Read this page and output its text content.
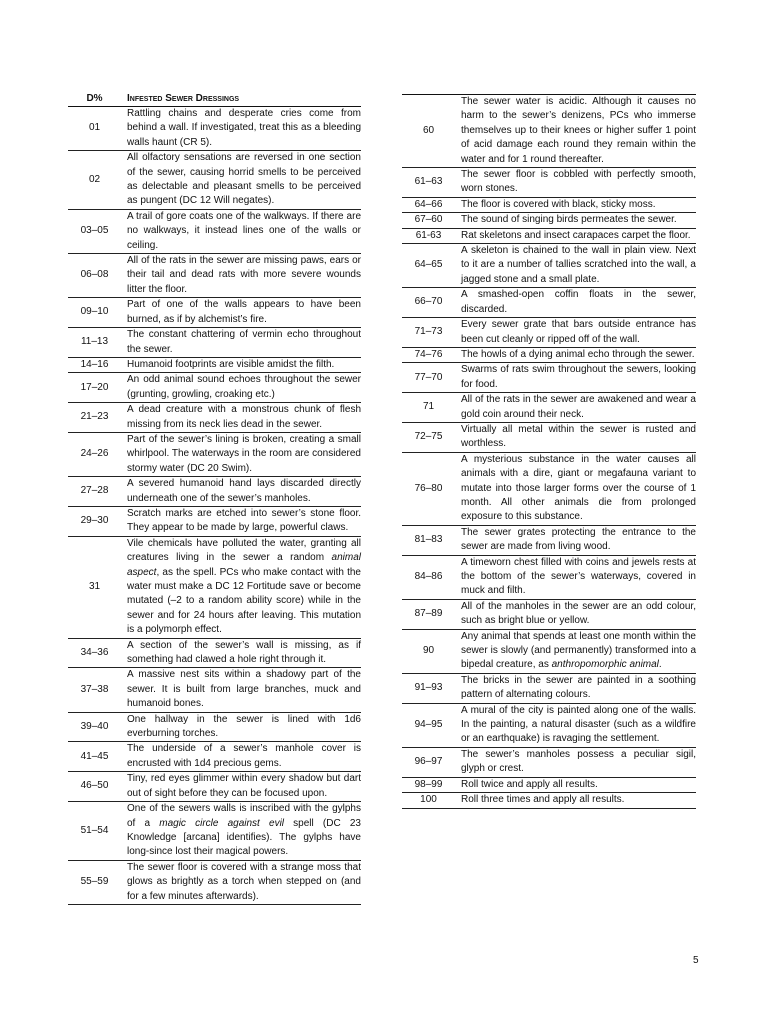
D%	Infested Sewer Dressings
01	Rattling chains and desperate cries come from behind a wall. If investigated, treat this as a bleeding walls haunt (CR 5).
02	All olfactory sensations are reversed in one section of the sewer, causing horrid smells to be perceived as delectable and pleasant smells to be perceived as pungent (DC 12 Will negates).
03–05	A trail of gore coats one of the walkways. If there are no walkways, it instead lines one of the walls or ceiling.
06–08	All of the rats in the sewer are missing paws, ears or their tail and dead rats with more severe wounds litter the floor.
09–10	Part of one of the walls appears to have been burned, as if by alchemist’s fire.
11–13	The constant chattering of vermin echo throughout the sewer.
14–16	Humanoid footprints are visible amidst the filth.
17–20	An odd animal sound echoes throughout the sewer (grunting, growling, croaking etc.)
21–23	A dead creature with a monstrous chunk of flesh missing from its neck lies dead in the sewer.
24–26	Part of the sewer’s lining is broken, creating a small whirlpool. The waterways in the room are considered stormy water (DC 20 Swim).
27–28	A severed humanoid hand lays discarded directly underneath one of the sewer’s manholes.
29–30	Scratch marks are etched into sewer’s stone floor. They appear to be made by large, powerful claws.
31	Vile chemicals have polluted the water, granting all creatures living in the sewer a random animal aspect, as the spell. PCs who make contact with the water must make a DC 12 Fortitude save or become mutated (–2 to a random ability score) while in the sewer and for 24 hours after leaving. This mutation is a polymorph effect.
34–36	A section of the sewer’s wall is missing, as if something had clawed a hole right through it.
37–38	A massive nest sits within a shadowy part of the sewer. It is built from large branches, muck and humanoid bones.
39–40	One hallway in the sewer is lined with 1d6 everburning torches.
41–45	The underside of a sewer’s manhole cover is encrusted with 1d4 precious gems.
46–50	Tiny, red eyes glimmer within every shadow but dart out of sight before they can be focused upon.
51–54	One of the sewers walls is inscribed with the gylphs of a magic circle against evil spell (DC 23 Knowledge [arcana] identifies). The gylphs have long-since lost their magical powers.
55–59	The sewer floor is covered with a strange moss that glows as brightly as a torch when stepped on (and for a few minutes afterwards).
60	The sewer water is acidic. Although it causes no harm to the sewer’s denizens, PCs who immerse themselves up to their knees or higher suffer 1 point of acid damage each round they remain within the water and for 1 round thereafter.
61–63	The sewer floor is cobbled with perfectly smooth, worn stones.
64–66	The floor is covered with black, sticky moss.
67–60	The sound of singing birds permeates the sewer.
61-63	Rat skeletons and insect carapaces carpet the floor.
64–65	A skeleton is chained to the wall in plain view. Next to it are a number of tallies scratched into the wall, a jagged stone and a small plate.
66–70	A smashed-open coffin floats in the sewer, discarded.
71–73	Every sewer grate that bars outside entrance has been cut cleanly or ripped off of the wall.
74–76	The howls of a dying animal echo through the sewer.
77–70	Swarms of rats swim throughout the sewers, looking for food.
71	All of the rats in the sewer are awakened and wear a gold coin around their neck.
72–75	Virtually all metal within the sewer is rusted and worthless.
76–80	A mysterious substance in the water causes all animals with a dire, giant or megafauna variant to mutate into those larger forms over the course of 1 month. All other animals die from prolonged exposure to this substance.
81–83	The sewer grates protecting the entrance to the sewer are made from living wood.
84–86	A timeworn chest filled with coins and jewels rests at the bottom of the sewer’s waterways, covered in muck and filth.
87–89	All of the manholes in the sewer are an odd colour, such as bright blue or yellow.
90	Any animal that spends at least one month within the sewer is slowly (and permanently) transformed into a bipedal creature, as anthropomorphic animal.
91–93	The bricks in the sewer are painted in a soothing pattern of alternating colours.
94–95	A mural of the city is painted along one of the walls. In the painting, a natural disaster (such as a wildfire or an earthquake) is ravaging the settlement.
96–97	The sewer’s manholes possess a peculiar sigil, glyph or crest.
98–99	Roll twice and apply all results.
100	Roll three times and apply all results.
5
